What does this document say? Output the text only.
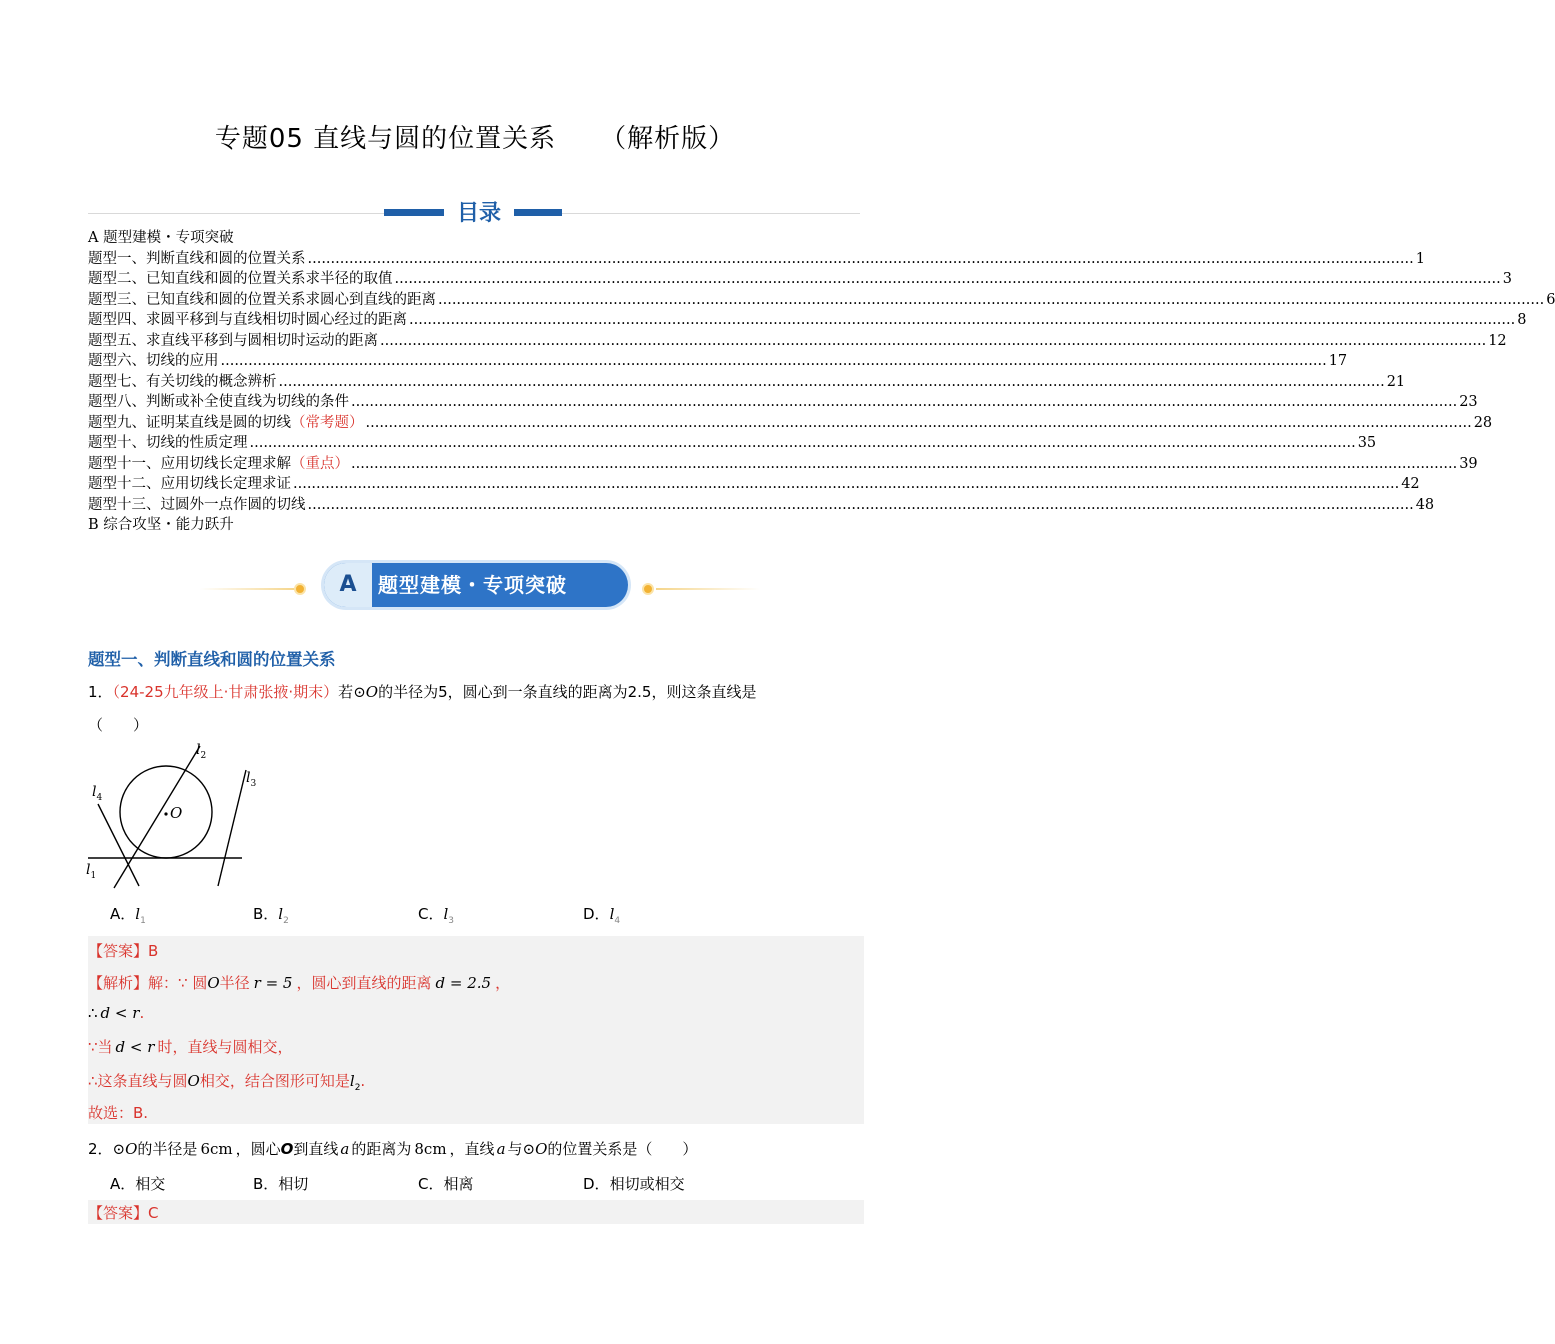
专题05 直线与圆的位置关系 （解析版）
目录
A 题型建模・专项突破
题型一、判断直线和圆的位置关系 .....	1
题型二、已知直线和圆的位置关系求半径的取值 .....	3
题型三、已知直线和圆的位置关系求圆心到直线的距离 .....	6
题型四、求圆平移到与直线相切时圆心经过的距离 .....	8
题型五、求直线平移到与圆相切时运动的距离 .....	12
题型六、切线的应用 .....	17
题型七、有关切线的概念辨析 .....	21
题型八、判断或补全使直线为切线的条件 .....	23
题型九、证明某直线是圆的切线 （常考题） .....	28
题型十、切线的性质定理 .....	35
题型十一、应用切线长定理求解 （重点） .....	39
题型十二、应用切线长定理求证 .....	42
题型十三、过圆外一点作圆的切线 .....	48
B 综合攻坚・能力跃升
A	题型建模・专项突破
题型一、判断直线和圆的位置关系
1．（24-25九年级上·甘肃张掖·期末）若⊙O的半径为5，圆心到一条直线的距离为2.5，则这条直线是
（　　）
O
$l_1$
$l_2$
$l_3$
$l_4$
A．$l_1$	B．$l_2$	C．$l_3$	D．$l_4$
【答案】B
【解析】解：∵ 圆O半径 r = 5 ，圆心到直线的距离 d = 2.5 ，
∴ d < r.
∵当 d < r 时，直线与圆相交，
∴这条直线与圆O相交，结合图形可知是$l_2$.
故选：B.
2．⊙O的半径是 6cm ，圆心O到直线 a 的距离为 8cm ，直线 a 与⊙O的位置关系是（　　）
A．相交	B．相切	C．相离	D．相切或相交
【答案】C
